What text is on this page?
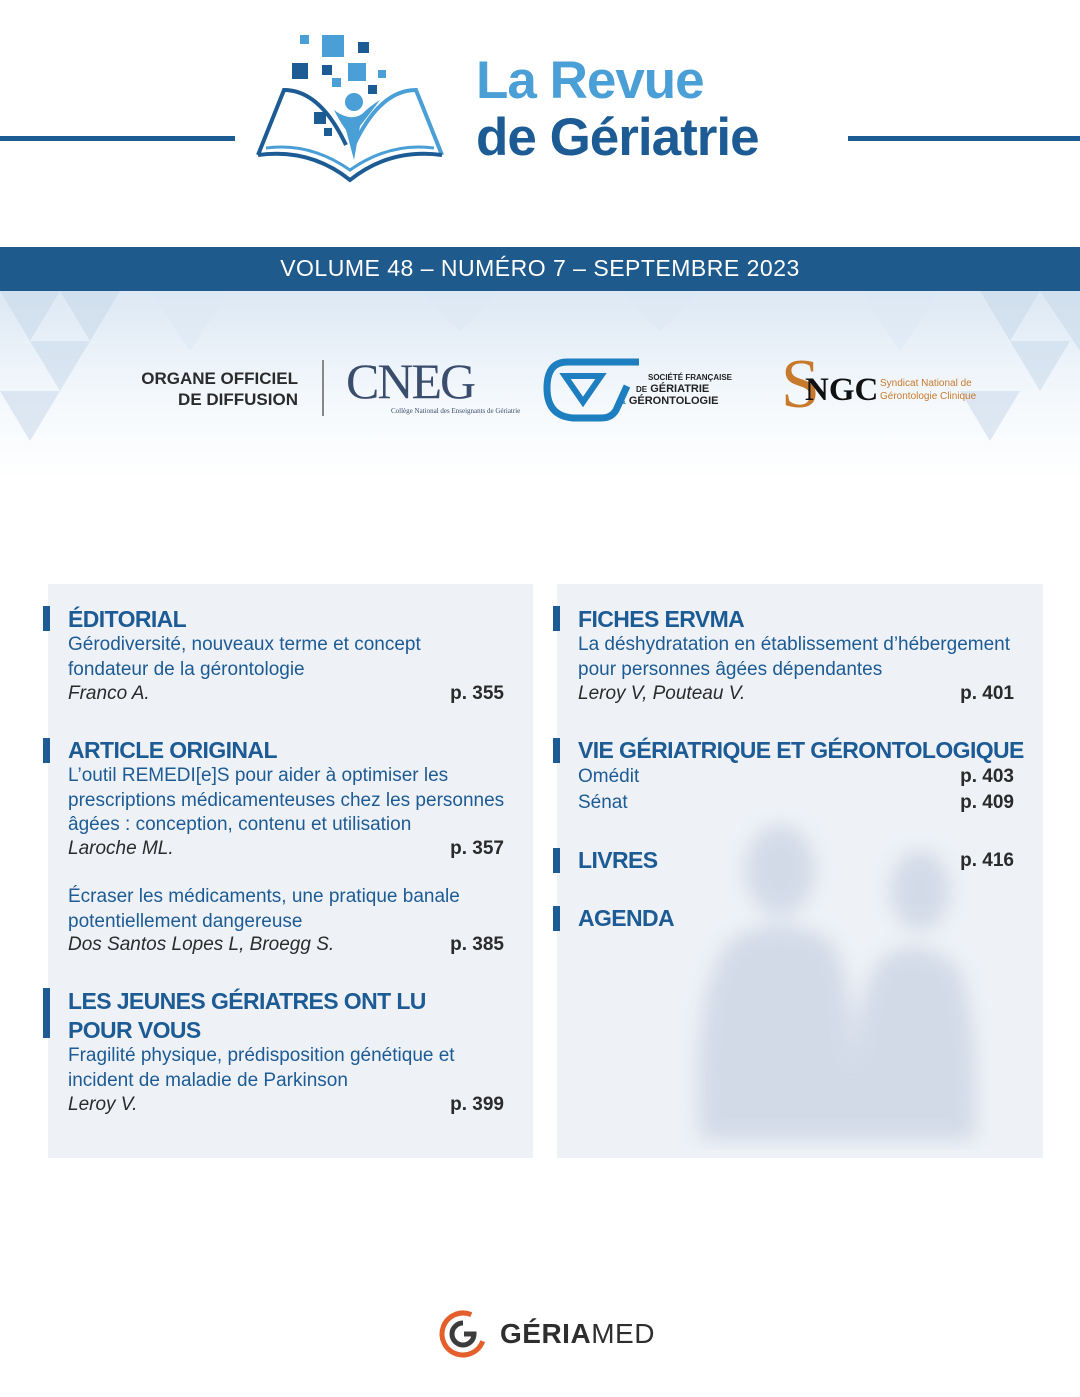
La Revue
de Gériatrie
VOLUME 48 – NUMÉRO 7 – SEPTEMBRE 2023
ORGANE OFFICIEL
DE DIFFUSION CNEG
Collège National des Enseignants de Gériatrie
SOCIÉTÉ FRANÇAISE
DE GÉRIATRIE
& GÉRONTOLOGIE S
NGC Syndicat National de
Gérontologie Clinique
ÉDITORIAL
Gérodiversité, nouveaux terme et concept
fondateur de la gérontologie
Franco A.	p. 355
ARTICLE ORIGINAL
L’outil REMEDI[e]S pour aider à optimiser les
prescriptions médicamenteuses chez les personnes
âgées : conception, contenu et utilisation
Laroche ML.	p. 357
Écraser les médicaments, une pratique banale
potentiellement dangereuse
Dos Santos Lopes L, Broegg S.	p. 385
LES JEUNES GÉRIATRES ONT LU
POUR VOUS
Fragilité physique, prédisposition génétique et
incident de maladie de Parkinson
Leroy V.	p. 399
FICHES ERVMA
La déshydratation en établissement d’hébergement
pour personnes âgées dépendantes
Leroy V, Pouteau V.	p. 401
VIE GÉRIATRIQUE ET GÉRONTOLOGIQUE
Omédit	p. 403
Sénat	p. 409
LIVRES	p. 416
AGENDA
GÉRIAMED
